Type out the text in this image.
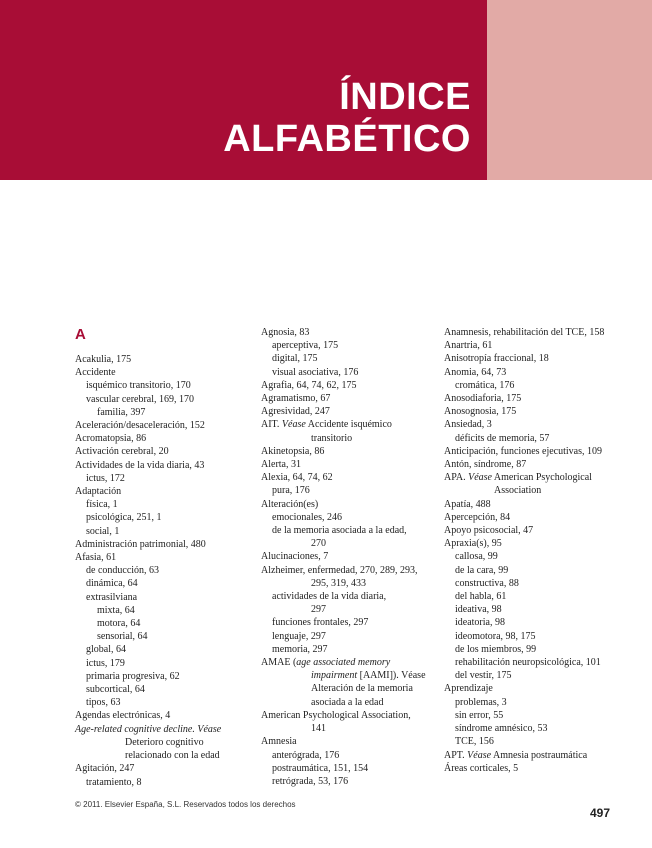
ÍNDICE
ALFABÉTICO
A
Acakulia, 175
Accidente
isquémico transitorio, 170
vascular cerebral, 169, 170
familia, 397
Aceleración/desaceleración, 152
Acromatopsia, 86
Activación cerebral, 20
Actividades de la vida diaria, 43
ictus, 172
Adaptación
física, 1
psicológica, 251, 1
social, 1
Administración patrimonial, 480
Afasia, 61
de conducción, 63
dinámica, 64
extrasilviana
mixta, 64
motora, 64
sensorial, 64
global, 64
ictus, 179
primaria progresiva, 62
subcortical, 64
tipos, 63
Agendas electrónicas, 4
Age-related cognitive decline. Véase
Deterioro cognitivo
relacionado con la edad
Agitación, 247
tratamiento, 8
Agnosia, 83
aperceptiva, 175
digital, 175
visual asociativa, 176
Agrafia, 64, 74, 62, 175
Agramatismo, 67
Agresividad, 247
AIT. Véase Accidente isquémico
transitorio
Akinetopsia, 86
Alerta, 31
Alexia, 64, 74, 62
pura, 176
Alteración(es)
emocionales, 246
de la memoria asociada a la edad,
270
Alucinaciones, 7
Alzheimer, enfermedad, 270, 289, 293,
295, 319, 433
actividades de la vida diaria,
297
funciones frontales, 297
lenguaje, 297
memoria, 297
AMAE (age associated memory
impairment [AAMI]). Véase
Alteración de la memoria
asociada a la edad
American Psychological Association,
141
Amnesia
anterógrada, 176
postraumática, 151, 154
retrógrada, 53, 176
Anamnesis, rehabilitación del TCE, 158
Anartria, 61
Anisotropía fraccional, 18
Anomia, 64, 73
cromática, 176
Anosodiaforia, 175
Anosognosia, 175
Ansiedad, 3
déficits de memoria, 57
Anticipación, funciones ejecutivas, 109
Antón, síndrome, 87
APA. Véase American Psychological
Association
Apatía, 488
Apercepción, 84
Apoyo psicosocial, 47
Apraxia(s), 95
callosa, 99
de la cara, 99
constructiva, 88
del habla, 61
ideativa, 98
ideatoria, 98
ideomotora, 98, 175
de los miembros, 99
rehabilitación neuropsicológica, 101
del vestir, 175
Aprendizaje
problemas, 3
sin error, 55
síndrome amnésico, 53
TCE, 156
APT. Véase Amnesia postraumática
Áreas corticales, 5
© 2011. Elsevier España, S.L. Reservados todos los derechos
497
